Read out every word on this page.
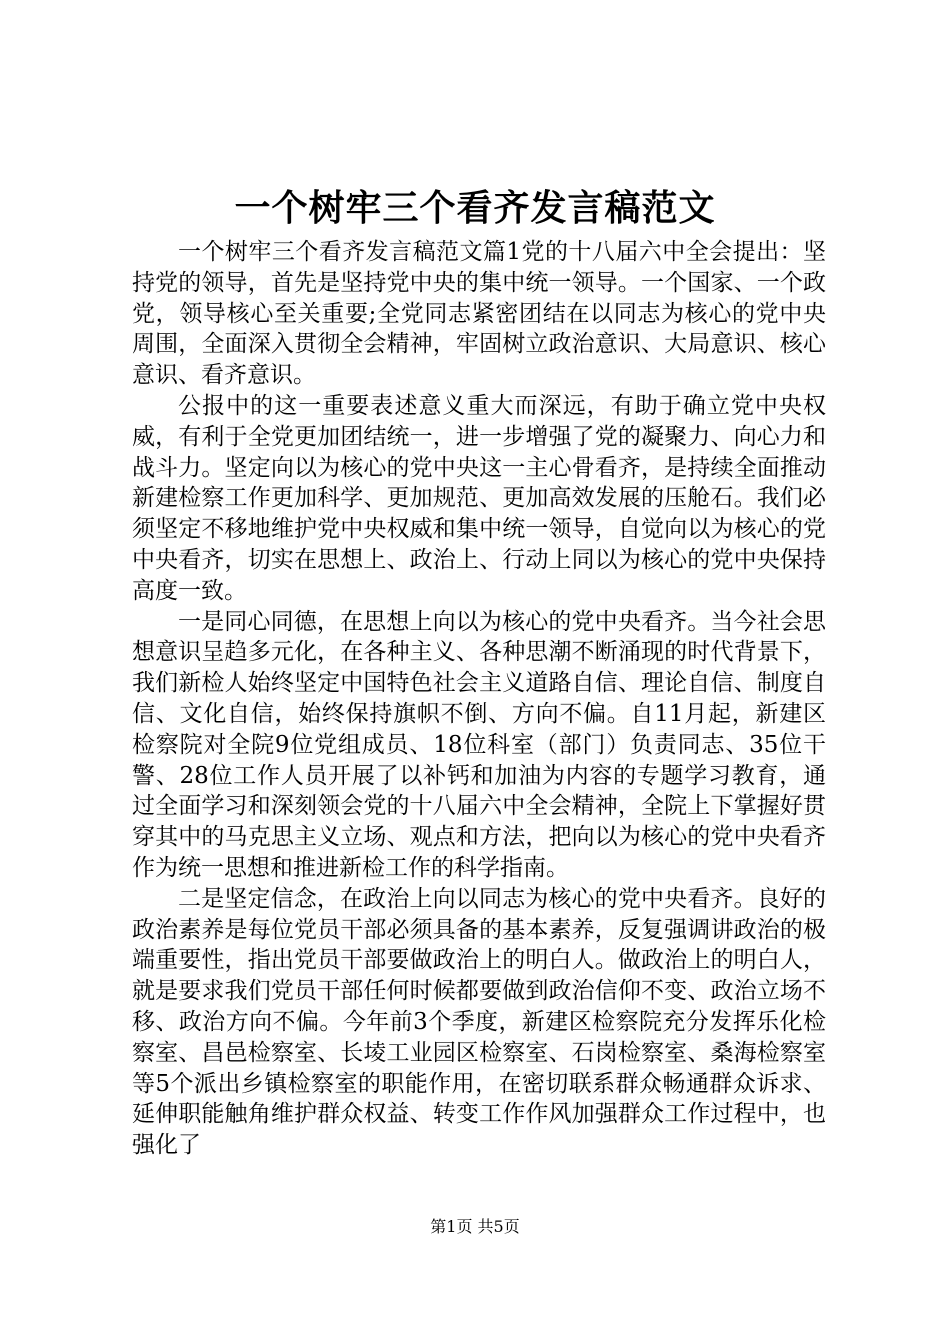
一个树牢三个看齐发言稿范文

一个树牢三个看齐发言稿范文篇1党的十八届六中全会提出：坚持党的领导，首先是坚持党中央的集中统一领导。一个国家、一个政党，领导核心至关重要;全党同志紧密团结在以同志为核心的党中央周围，全面深入贯彻全会精神，牢固树立政治意识、大局意识、核心意识、看齐意识。

公报中的这一重要表述意义重大而深远，有助于确立党中央权威，有利于全党更加团结统一，进一步增强了党的凝聚力、向心力和战斗力。坚定向以为核心的党中央这一主心骨看齐，是持续全面推动新建检察工作更加科学、更加规范、更加高效发展的压舱石。我们必须坚定不移地维护党中央权威和集中统一领导，自觉向以为核心的党中央看齐，切实在思想上、政治上、行动上同以为核心的党中央保持高度一致。

一是同心同德，在思想上向以为核心的党中央看齐。当今社会思想意识呈趋多元化，在各种主义、各种思潮不断涌现的时代背景下，我们新检人始终坚定中国特色社会主义道路自信、理论自信、制度自信、文化自信，始终保持旗帜不倒、方向不偏。自11月起，新建区检察院对全院9位党组成员、18位科室（部门）负责同志、35位干警、28位工作人员开展了以补钙和加油为内容的专题学习教育，通过全面学习和深刻领会党的十八届六中全会精神，全院上下掌握好贯穿其中的马克思主义立场、观点和方法，把向以为核心的党中央看齐作为统一思想和推进新检工作的科学指南。

二是坚定信念，在政治上向以同志为核心的党中央看齐。良好的政治素养是每位党员干部必须具备的基本素养，反复强调讲政治的极端重要性，指出党员干部要做政治上的明白人。做政治上的明白人，就是要求我们党员干部任何时候都要做到政治信仰不变、政治立场不移、政治方向不偏。今年前3个季度，新建区检察院充分发挥乐化检察室、昌邑检察室、长堎工业园区检察室、石岗检察室、桑海检察室等5个派出乡镇检察室的职能作用，在密切联系群众畅通群众诉求、延伸职能触角维护群众权益、转变工作作风加强群众工作过程中，也强化了

第1页 共5页
